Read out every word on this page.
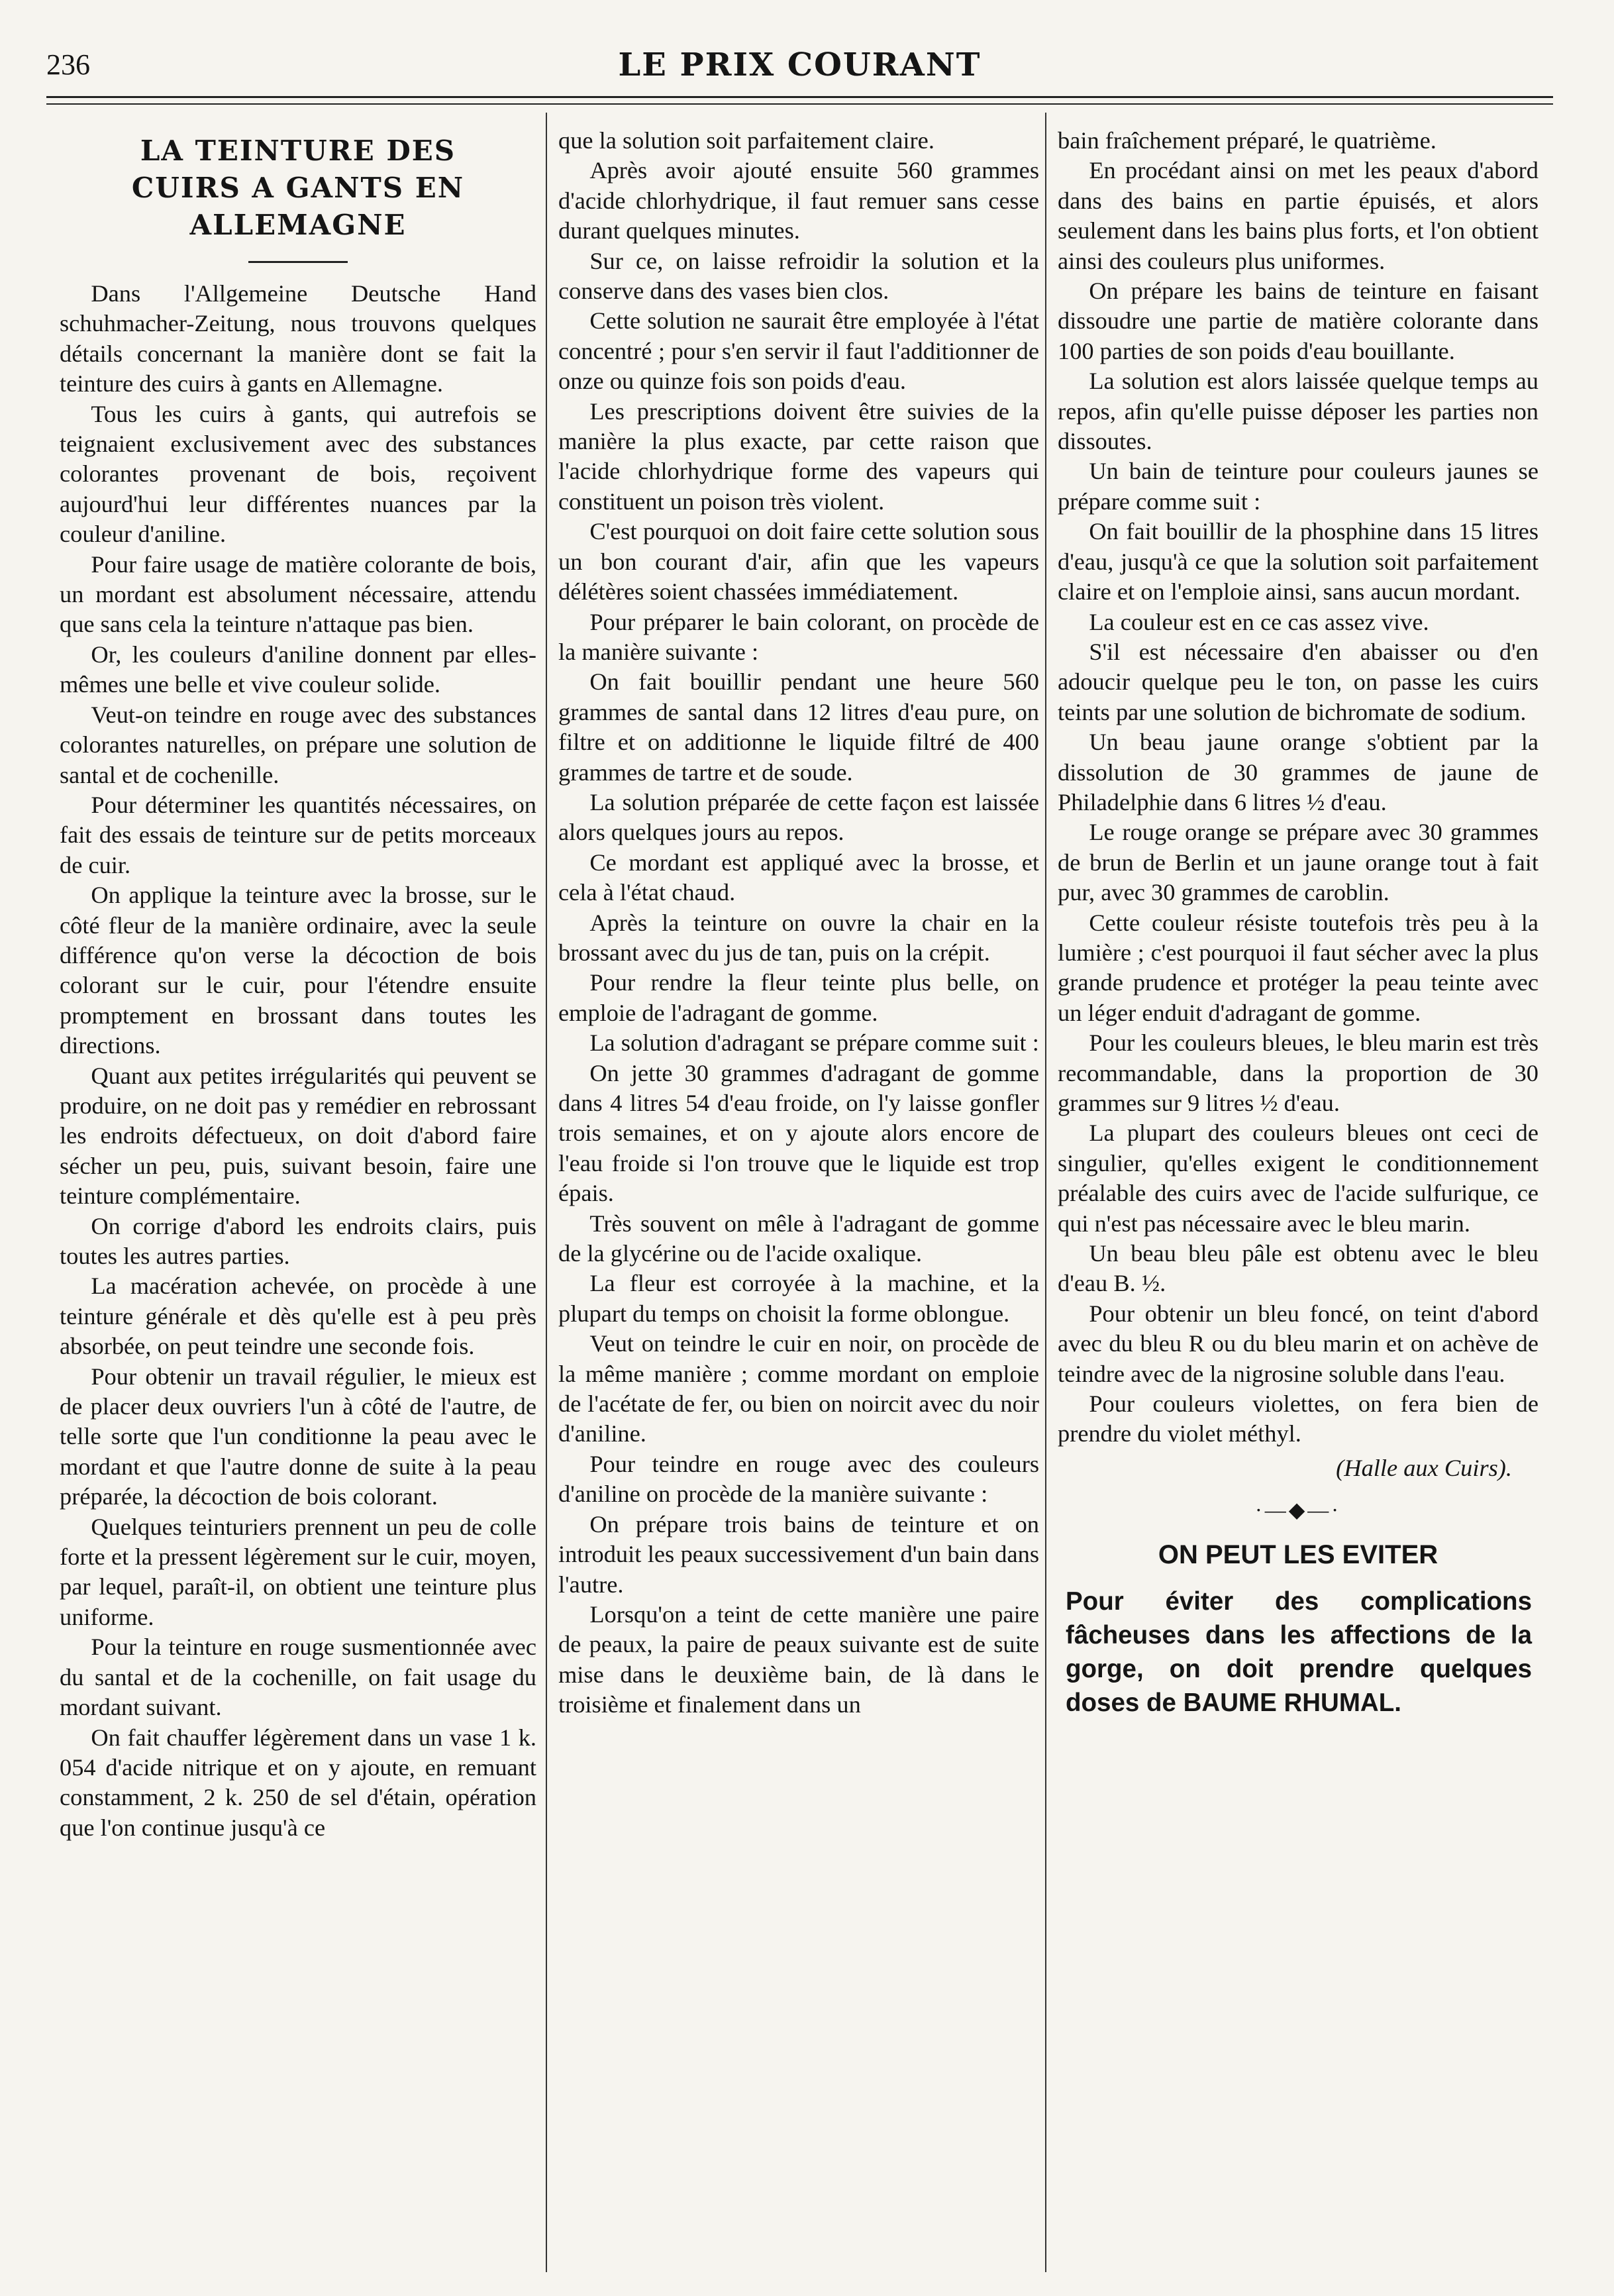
236	LE PRIX COURANT
LA TEINTURE DES
CUIRS A GANTS EN ALLEMAGNE

Dans l'Allgemeine Deutsche Hand schuhmacher-Zeitung, nous trouvons quelques détails concernant la manière dont se fait la teinture des cuirs à gants en Allemagne.

Tous les cuirs à gants, qui autrefois se teignaient exclusivement avec des substances colorantes provenant de bois, reçoivent aujourd'hui leur différentes nuances par la couleur d'aniline.

Pour faire usage de matière colorante de bois, un mordant est absolument nécessaire, attendu que sans cela la teinture n'attaque pas bien.

Or, les couleurs d'aniline donnent par elles-mêmes une belle et vive couleur solide.

Veut-on teindre en rouge avec des substances colorantes naturelles, on prépare une solution de santal et de cochenille.

Pour déterminer les quantités nécessaires, on fait des essais de teinture sur de petits morceaux de cuir.

On applique la teinture avec la brosse, sur le côté fleur de la manière ordinaire, avec la seule différence qu'on verse la décoction de bois colorant sur le cuir, pour l'étendre ensuite promptement en brossant dans toutes les directions.

Quant aux petites irrégularités qui peuvent se produire, on ne doit pas y remédier en rebrossant les endroits défectueux, on doit d'abord faire sécher un peu, puis, suivant besoin, faire une teinture complémentaire.

On corrige d'abord les endroits clairs, puis toutes les autres parties.

La macération achevée, on procède à une teinture générale et dès qu'elle est à peu près absorbée, on peut teindre une seconde fois.

Pour obtenir un travail régulier, le mieux est de placer deux ouvriers l'un à côté de l'autre, de telle sorte que l'un conditionne la peau avec le mordant et que l'autre donne de suite à la peau préparée, la décoction de bois colorant.

Quelques teinturiers prennent un peu de colle forte et la pressent légèrement sur le cuir, moyen, par lequel, paraît-il, on obtient une teinture plus uniforme.

Pour la teinture en rouge susmentionnée avec du santal et de la cochenille, on fait usage du mordant suivant.

On fait chauffer légèrement dans un vase 1 k. 054 d'acide nitrique et on y ajoute, en remuant constamment, 2 k. 250 de sel d'étain, opération que l'on continue jusqu'à ce

que la solution soit parfaitement claire.

Après avoir ajouté ensuite 560 grammes d'acide chlorhydrique, il faut remuer sans cesse durant quelques minutes.

Sur ce, on laisse refroidir la solution et la conserve dans des vases bien clos.

Cette solution ne saurait être employée à l'état concentré ; pour s'en servir il faut l'additionner de onze ou quinze fois son poids d'eau.

Les prescriptions doivent être suivies de la manière la plus exacte, par cette raison que l'acide chlorhydrique forme des vapeurs qui constituent un poison très violent.

C'est pourquoi on doit faire cette solution sous un bon courant d'air, afin que les vapeurs délétères soient chassées immédiatement.

Pour préparer le bain colorant, on procède de la manière suivante :

On fait bouillir pendant une heure 560 grammes de santal dans 12 litres d'eau pure, on filtre et on additionne le liquide filtré de 400 grammes de tartre et de soude.

La solution préparée de cette façon est laissée alors quelques jours au repos.

Ce mordant est appliqué avec la brosse, et cela à l'état chaud.

Après la teinture on ouvre la chair en la brossant avec du jus de tan, puis on la crépit.

Pour rendre la fleur teinte plus belle, on emploie de l'adragant de gomme.

La solution d'adragant se prépare comme suit :

On jette 30 grammes d'adragant de gomme dans 4 litres 54 d'eau froide, on l'y laisse gonfler trois semaines, et on y ajoute alors encore de l'eau froide si l'on trouve que le liquide est trop épais.

Très souvent on mêle à l'adragant de gomme de la glycérine ou de l'acide oxalique.

La fleur est corroyée à la machine, et la plupart du temps on choisit la forme oblongue.

Veut on teindre le cuir en noir, on procède de la même manière ; comme mordant on emploie de l'acétate de fer, ou bien on noircit avec du noir d'aniline.

Pour teindre en rouge avec des couleurs d'aniline on procède de la manière suivante :

On prépare trois bains de teinture et on introduit les peaux successivement d'un bain dans l'autre.

Lorsqu'on a teint de cette manière une paire de peaux, la paire de peaux suivante est de suite mise dans le deuxième bain, de là dans le troisième et finalement dans un

bain fraîchement préparé, le quatrième.

En procédant ainsi on met les peaux d'abord dans des bains en partie épuisés, et alors seulement dans les bains plus forts, et l'on obtient ainsi des couleurs plus uniformes.

On prépare les bains de teinture en faisant dissoudre une partie de matière colorante dans 100 parties de son poids d'eau bouillante.

La solution est alors laissée quelque temps au repos, afin qu'elle puisse déposer les parties non dissoutes.

Un bain de teinture pour couleurs jaunes se prépare comme suit :

On fait bouillir de la phosphine dans 15 litres d'eau, jusqu'à ce que la solution soit parfaitement claire et on l'emploie ainsi, sans aucun mordant.

La couleur est en ce cas assez vive.

S'il est nécessaire d'en abaisser ou d'en adoucir quelque peu le ton, on passe les cuirs teints par une solution de bichromate de sodium.

Un beau jaune orange s'obtient par la dissolution de 30 grammes de jaune de Philadelphie dans 6 litres ½ d'eau.

Le rouge orange se prépare avec 30 grammes de brun de Berlin et un jaune orange tout à fait pur, avec 30 grammes de caroblin.

Cette couleur résiste toutefois très peu à la lumière ; c'est pourquoi il faut sécher avec la plus grande prudence et protéger la peau teinte avec un léger enduit d'adragant de gomme.

Pour les couleurs bleues, le bleu marin est très recommandable, dans la proportion de 30 grammes sur 9 litres ½ d'eau.

La plupart des couleurs bleues ont ceci de singulier, qu'elles exigent le conditionnement préalable des cuirs avec de l'acide sulfurique, ce qui n'est pas nécessaire avec le bleu marin.

Un beau bleu pâle est obtenu avec le bleu d'eau B. ½.

Pour obtenir un bleu foncé, on teint d'abord avec du bleu R ou du bleu marin et on achève de teindre avec de la nigrosine soluble dans l'eau.

Pour couleurs violettes, on fera bien de prendre du violet méthyl.

(Halle aux Cuirs).
·—◆—·
ON PEUT LES EVITER
Pour éviter des complications fâcheuses dans les affections de la gorge, on doit prendre quelques doses de BAUME RHUMAL.
